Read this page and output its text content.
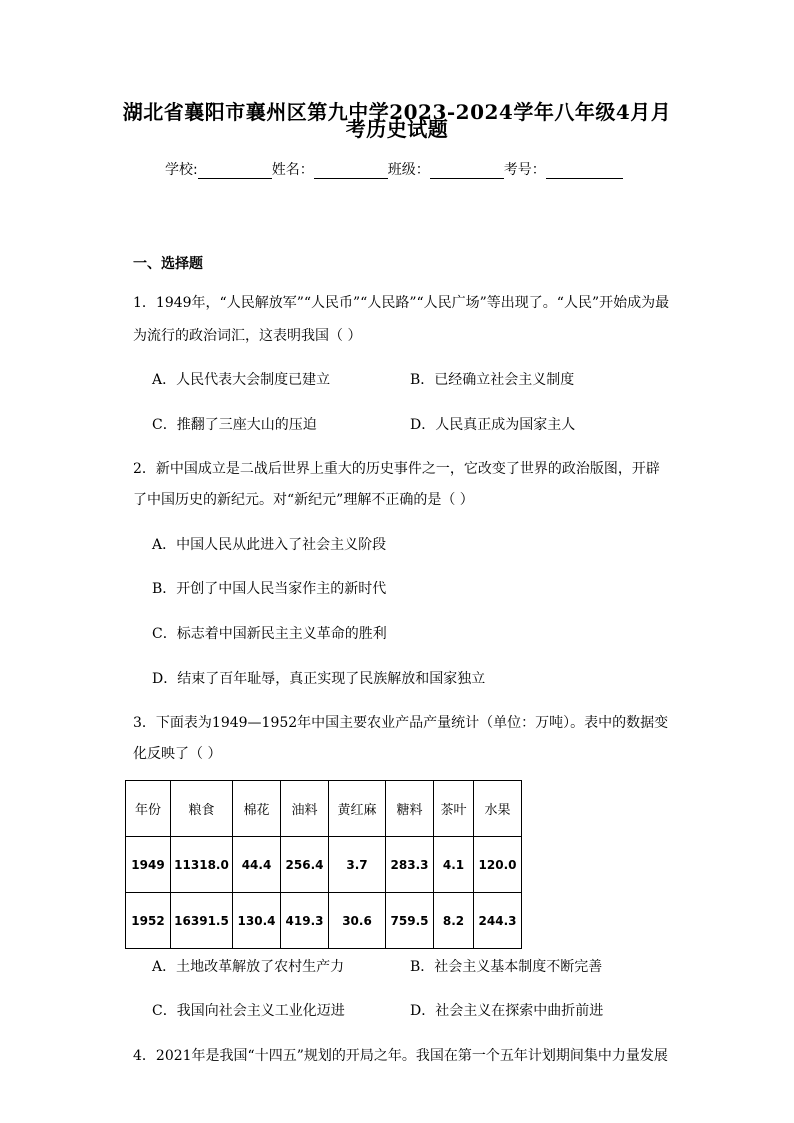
湖北省襄阳市襄州区第九中学2023-2024学年八年级4月月
考历史试题
学校:	姓名：	班级：	考号：
一、选择题
1．1949年，“人民解放军”“人民币”“人民路”“人民广场”等出现了。“人民”开始成为最
为流行的政治词汇，这表明我国（ ）
A．人民代表大会制度已建立	B．已经确立社会主义制度
C．推翻了三座大山的压迫	D．人民真正成为国家主人
2．新中国成立是二战后世界上重大的历史事件之一，它改变了世界的政治版图，开辟
了中国历史的新纪元。对“新纪元”理解不正确的是（ ）
A．中国人民从此进入了社会主义阶段
B．开创了中国人民当家作主的新时代
C．标志着中国新民主主义革命的胜利
D．结束了百年耻辱，真正实现了民族解放和国家独立
3．下面表为1949—1952年中国主要农业产品产量统计（单位：万吨）。表中的数据变
化反映了（ ）
年份	粮食	棉花	油料	黄红麻	糖料	茶叶	水果
1949	11318.0	44.4	256.4	3.7	283.3	4.1	120.0
1952	16391.5	130.4	419.3	30.6	759.5	8.2	244.3
A．土地改革解放了农村生产力	B．社会主义基本制度不断完善
C．我国向社会主义工业化迈进	D．社会主义在探索中曲折前进
4．2021年是我国“十四五”规划的开局之年。我国在第一个五年计划期间集中力量发展
